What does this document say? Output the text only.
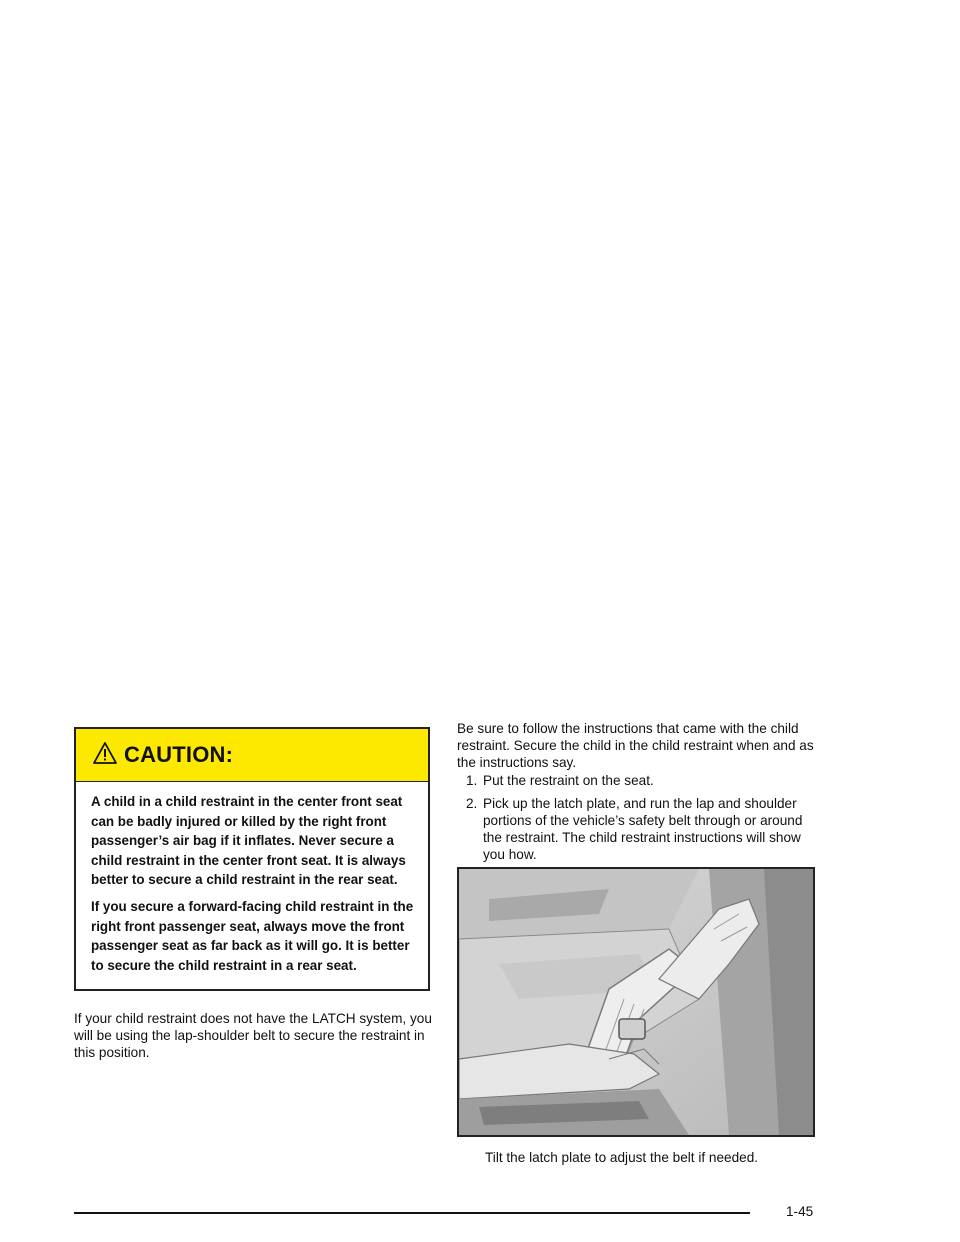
CAUTION:

A child in a child restraint in the center front seat can be badly injured or killed by the right front passenger’s air bag if it inflates. Never secure a child restraint in the center front seat. It is always better to secure a child restraint in the rear seat.

If you secure a forward-facing child restraint in the right front passenger seat, always move the front passenger seat as far back as it will go. It is better to secure the child restraint in a rear seat.

If your child restraint does not have the LATCH system, you will be using the lap-shoulder belt to secure the restraint in this position.

Be sure to follow the instructions that came with the child restraint. Secure the child in the child restraint when and as the instructions say.

1. Put the restraint on the seat.
2. Pick up the latch plate, and run the lap and shoulder portions of the vehicle’s safety belt through or around the restraint. The child restraint instructions will show you how.

Tilt the latch plate to adjust the belt if needed.

1-45
